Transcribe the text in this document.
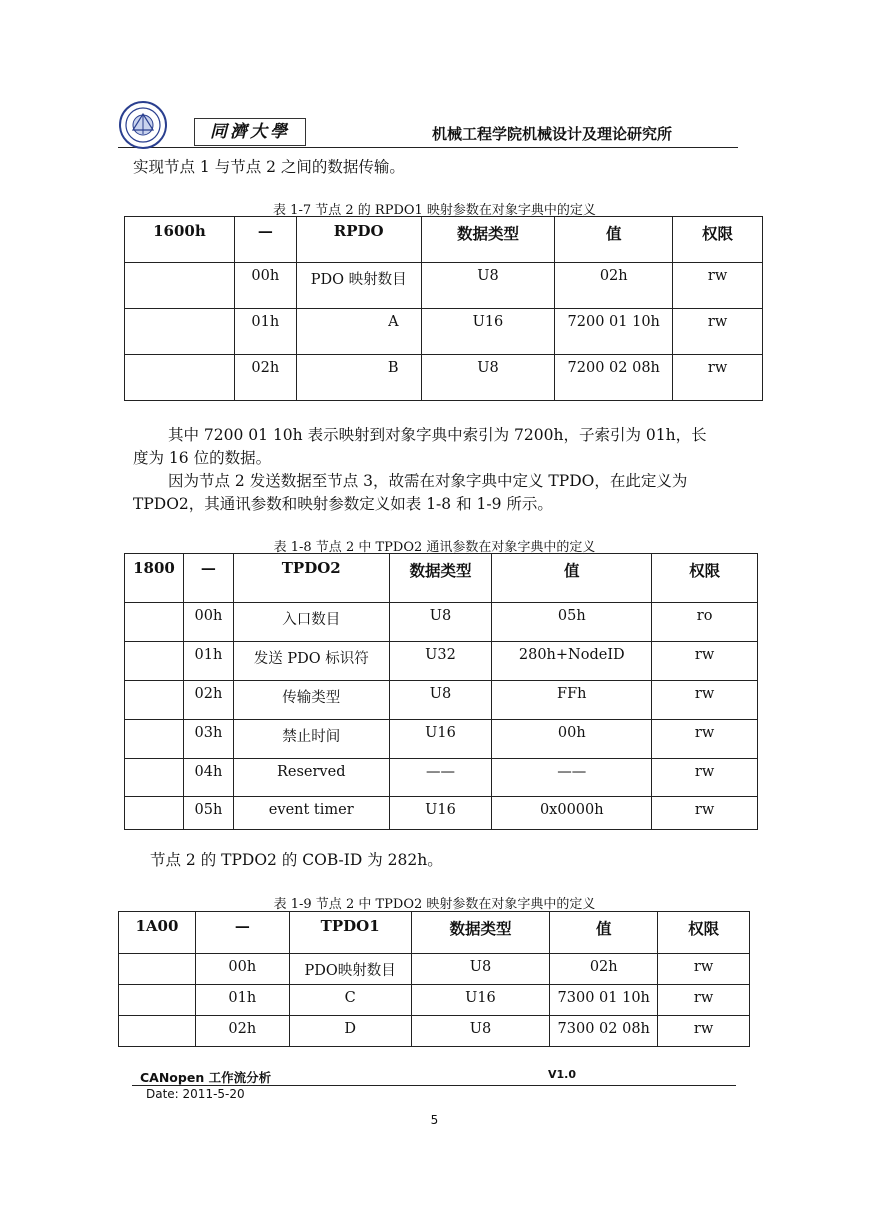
同濟大學	机械工程学院机械设计及理论研究所
实现节点 1 与节点 2 之间的数据传输。
表 1-7 节点 2 的 RPDO1 映射参数在对象字典中的定义
1600h	—	RPDO	数据类型	值	权限
	00h	PDO 映射数目	U8	02h	rw
	01h	A	U16	7200 01 10h	rw
	02h	B	U8	7200 02 08h	rw
其中 7200 01 10h 表示映射到对象字典中索引为 7200h，子索引为 01h，长
度为 16 位的数据。
因为节点 2 发送数据至节点 3，故需在对象字典中定义 TPDO，在此定义为
TPDO2，其通讯参数和映射参数定义如表 1-8 和 1-9 所示。
表 1-8 节点 2 中 TPDO2 通讯参数在对象字典中的定义
1800	—	TPDO2	数据类型	值	权限
	00h	入口数目	U8	05h	ro
	01h	发送 PDO 标识符	U32	280h+NodeID	rw
	02h	传输类型	U8	FFh	rw
	03h	禁止时间	U16	00h	rw
	04h	Reserved	——	——	rw
	05h	event timer	U16	0x0000h	rw
节点 2 的 TPDO2 的 COB-ID 为 282h。
表 1-9 节点 2 中 TPDO2 映射参数在对象字典中的定义
1A00	—	TPDO1	数据类型	值	权限
	00h	PDO映射数目	U8	02h	rw
	01h	C	U16	7300 01 10h	rw
	02h	D	U8	7300 02 08h	rw
CANopen 工作流分析	V1.0
Date: 2011-5-20
5
